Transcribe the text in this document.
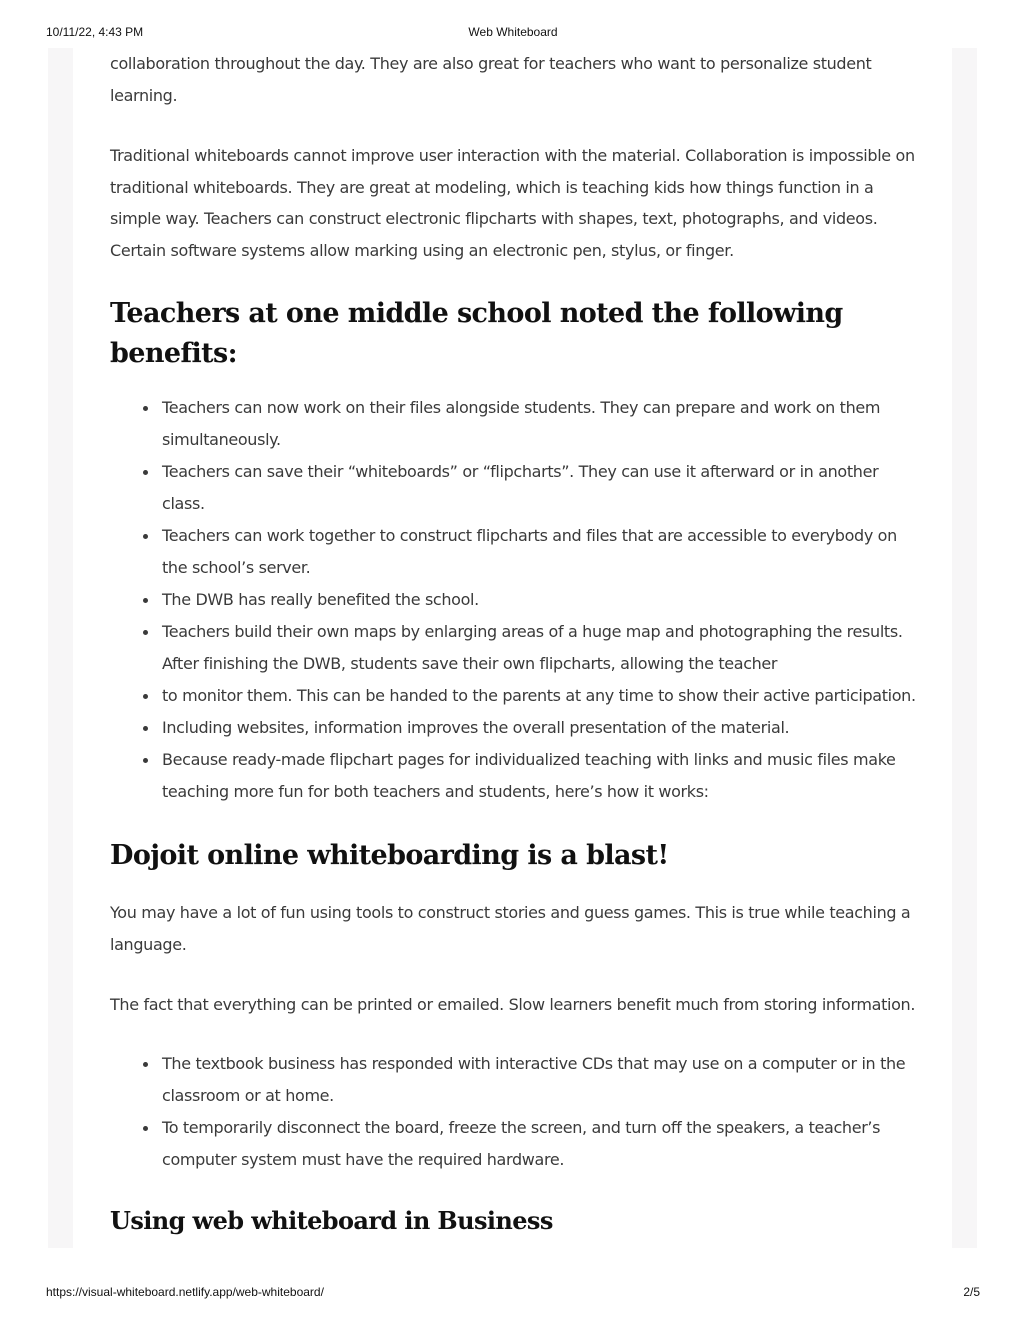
10/11/22, 4:43 PM	Web Whiteboard

collaboration throughout the day. They are also great for teachers who want to personalize student learning.

Traditional whiteboards cannot improve user interaction with the material. Collaboration is impossible on traditional whiteboards. They are great at modeling, which is teaching kids how things function in a simple way. Teachers can construct electronic flipcharts with shapes, text, photographs, and videos. Certain software systems allow marking using an electronic pen, stylus, or finger.

Teachers at one middle school noted the following benefits:
Teachers can now work on their files alongside students. They can prepare and work on them simultaneously.
Teachers can save their “whiteboards” or “flipcharts”. They can use it afterward or in another class.
Teachers can work together to construct flipcharts and files that are accessible to everybody on the school’s server.
The DWB has really benefited the school.
Teachers build their own maps by enlarging areas of a huge map and photographing the results. After finishing the DWB, students save their own flipcharts, allowing the teacher
to monitor them. This can be handed to the parents at any time to show their active participation.
Including websites, information improves the overall presentation of the material.
Because ready-made flipchart pages for individualized teaching with links and music files make teaching more fun for both teachers and students, here’s how it works:
Dojoit online whiteboarding is a blast!

You may have a lot of fun using tools to construct stories and guess games. This is true while teaching a language.

The fact that everything can be printed or emailed. Slow learners benefit much from storing information.

The textbook business has responded with interactive CDs that may use on a computer or in the classroom or at home.
To temporarily disconnect the board, freeze the screen, and turn off the speakers, a teacher’s computer system must have the required hardware.
Using web whiteboard in Business
https://visual-whiteboard.netlify.app/web-whiteboard/	2/5
